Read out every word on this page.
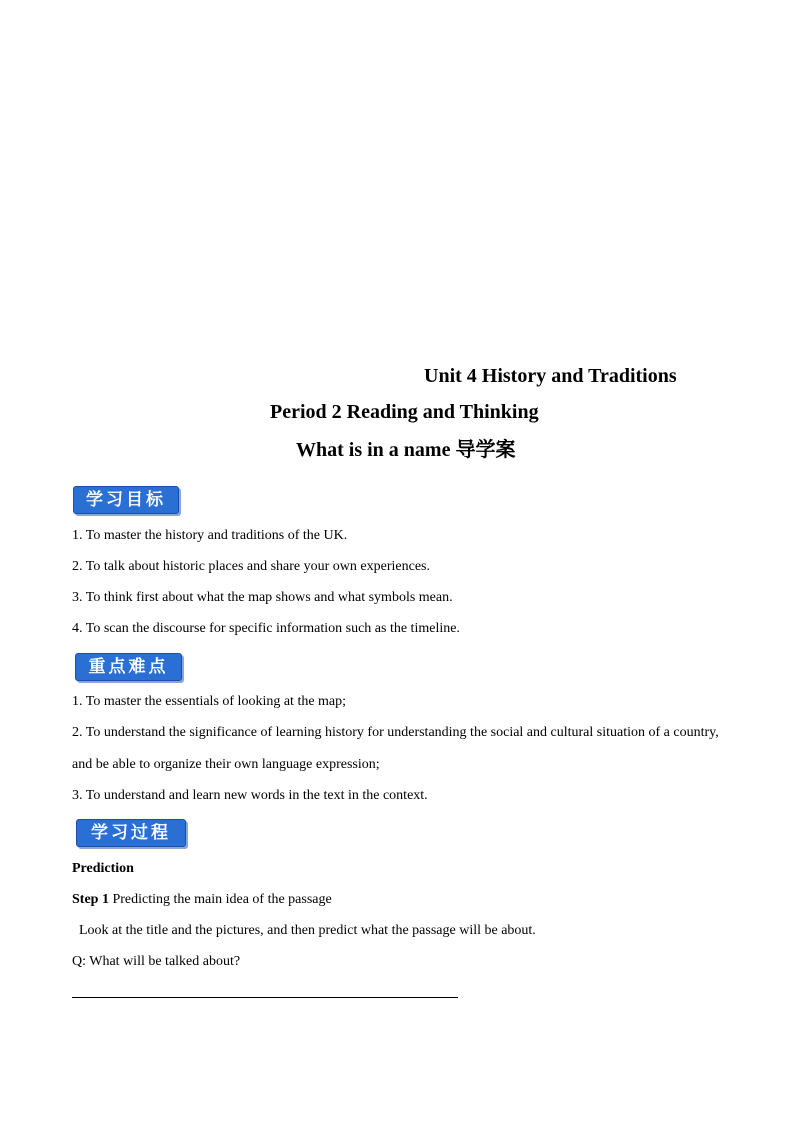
Unit 4 History and Traditions
Period 2 Reading and Thinking
What is in a name 导学案
学习目标
1. To master the history and traditions of the UK.
2. To talk about historic places and share your own experiences.
3. To think first about what the map shows and what symbols mean.
4. To scan the discourse for specific information such as the timeline.
重点难点
1. To master the essentials of looking at the map;
2. To understand the significance of learning history for understanding the social and cultural situation of a country,
and be able to organize their own language expression;
3. To understand and learn new words in the text in the context.
学习过程
Prediction
Step 1 Predicting the main idea of the passage
Look at the title and the pictures, and then predict what the passage will be about.
Q: What will be talked about?
